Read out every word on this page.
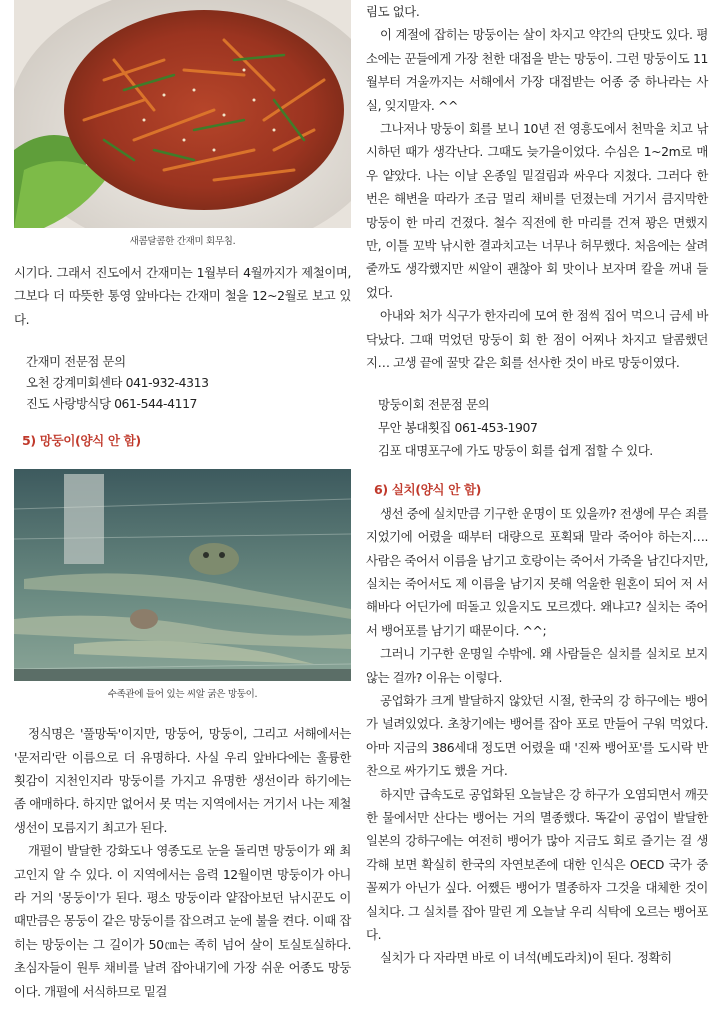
새콤달콤한 간재미 회무침.

시기다. 그래서 진도에서 간재미는 1월부터 4월까지가 제철이며, 그보다 더 따뜻한 통영 앞바다는 간재미 철을 12~2월로 보고 있다.

간재미 전문점 문의
오천 강계미회센타 041-932-4313
진도 사랑방식당 061-544-4117
5) 망둥이(양식 안 함)
수족관에 들어 있는 씨알 굵은 망둥이.

정식명은 '풀망둑'이지만, 망둥어, 망둥이, 그리고 서해에서는 '문저리'란 이름으로 더 유명하다. 사실 우리 앞바다에는 훌륭한 횟감이 지천인지라 망둥이를 가지고 유명한 생선이라 하기에는 좀 애매하다. 하지만 없어서 못 먹는 지역에서는 거기서 나는 제철 생선이 모름지기 최고가 된다.

개펄이 발달한 강화도나 영종도로 눈을 돌리면 망둥이가 왜 최고인지 알 수 있다. 이 지역에서는 음력 12월이면 망둥이가 아니라 거의 '몽둥이'가 된다. 평소 망둥이라 얕잡아보던 낚시꾼도 이때만큼은 몽둥이 같은 망둥이를 잡으려고 눈에 불을 켠다. 이때 잡히는 망둥이는 그 길이가 50㎝는 족히 넘어 살이 토실토실하다. 초심자들이 원투 채비를 날려 잡아내기에 가장 쉬운 어종도 망둥이다. 개펄에 서식하므로 밑걸

림도 없다.

이 계절에 잡히는 망둥이는 살이 차지고 약간의 단맛도 있다. 평소에는 꾼들에게 가장 천한 대접을 받는 망둥이. 그런 망둥이도 11월부터 겨울까지는 서해에서 가장 대접받는 어종 중 하나라는 사실, 잊지말자. ^^

그나저나 망둥이 회를 보니 10년 전 영흥도에서 천막을 치고 낚시하던 때가 생각난다. 그때도 늦가을이었다. 수심은 1~2m로 매우 얕았다. 나는 이날 온종일 밑걸림과 싸우다 지쳤다. 그러다 한 번은 해변을 따라가 조금 멀리 채비를 던졌는데 거기서 큼지막한 망둥이 한 마리 건졌다. 철수 직전에 한 마리를 건져 꽝은 면했지만, 이틀 꼬박 낚시한 결과치고는 너무나 허무했다. 처음에는 살려줄까도 생각했지만 씨알이 괜찮아 회 맛이나 보자며 칼을 꺼내 들었다.

아내와 처가 식구가 한자리에 모여 한 점씩 집어 먹으니 금세 바닥났다. 그때 먹었던 망둥이 회 한 점이 어찌나 차지고 달콤했던지… 고생 끝에 꿀맛 같은 회를 선사한 것이 바로 망둥이였다.

망둥이회 전문점 문의
무안 봉대횟집 061-453-1907
김포 대명포구에 가도 망둥이 회를 쉽게 접할 수 있다.
6) 실치(양식 안 함)

생선 중에 실치만큼 기구한 운명이 또 있을까? 전생에 무슨 죄를 지었기에 어렸을 때부터 대량으로 포획돼 말라 죽어야 하는지…. 사람은 죽어서 이름을 남기고 호랑이는 죽어서 가죽을 남긴다지만, 실치는 죽어서도 제 이름을 남기지 못해 억울한 원혼이 되어 저 서해바다 어딘가에 떠돌고 있을지도 모르겠다. 왜냐고? 실치는 죽어서 뱅어포를 남기기 때문이다. ^^;

그러니 기구한 운명일 수밖에. 왜 사람들은 실치를 실치로 보지 않는 걸까? 이유는 이렇다.

공업화가 크게 발달하지 않았던 시절, 한국의 강 하구에는 뱅어가 널려있었다. 초창기에는 뱅어를 잡아 포로 만들어 구워 먹었다. 아마 지금의 386세대 정도면 어렸을 때 '진짜 뱅어포'를 도시락 반찬으로 싸가기도 했을 거다.

하지만 급속도로 공업화된 오늘날은 강 하구가 오염되면서 깨끗한 물에서만 산다는 뱅어는 거의 멸종했다. 똑같이 공업이 발달한 일본의 강하구에는 여전히 뱅어가 많아 지금도 회로 즐기는 걸 생각해 보면 확실히 한국의 자연보존에 대한 인식은 OECD 국가 중 꼴찌가 아닌가 싶다. 어쨌든 뱅어가 멸종하자 그것을 대체한 것이 실치다. 그 실치를 잡아 말린 게 오늘날 우리 식탁에 오르는 뱅어포다.

실치가 다 자라면 바로 이 녀석(베도라치)이 된다. 정확히
